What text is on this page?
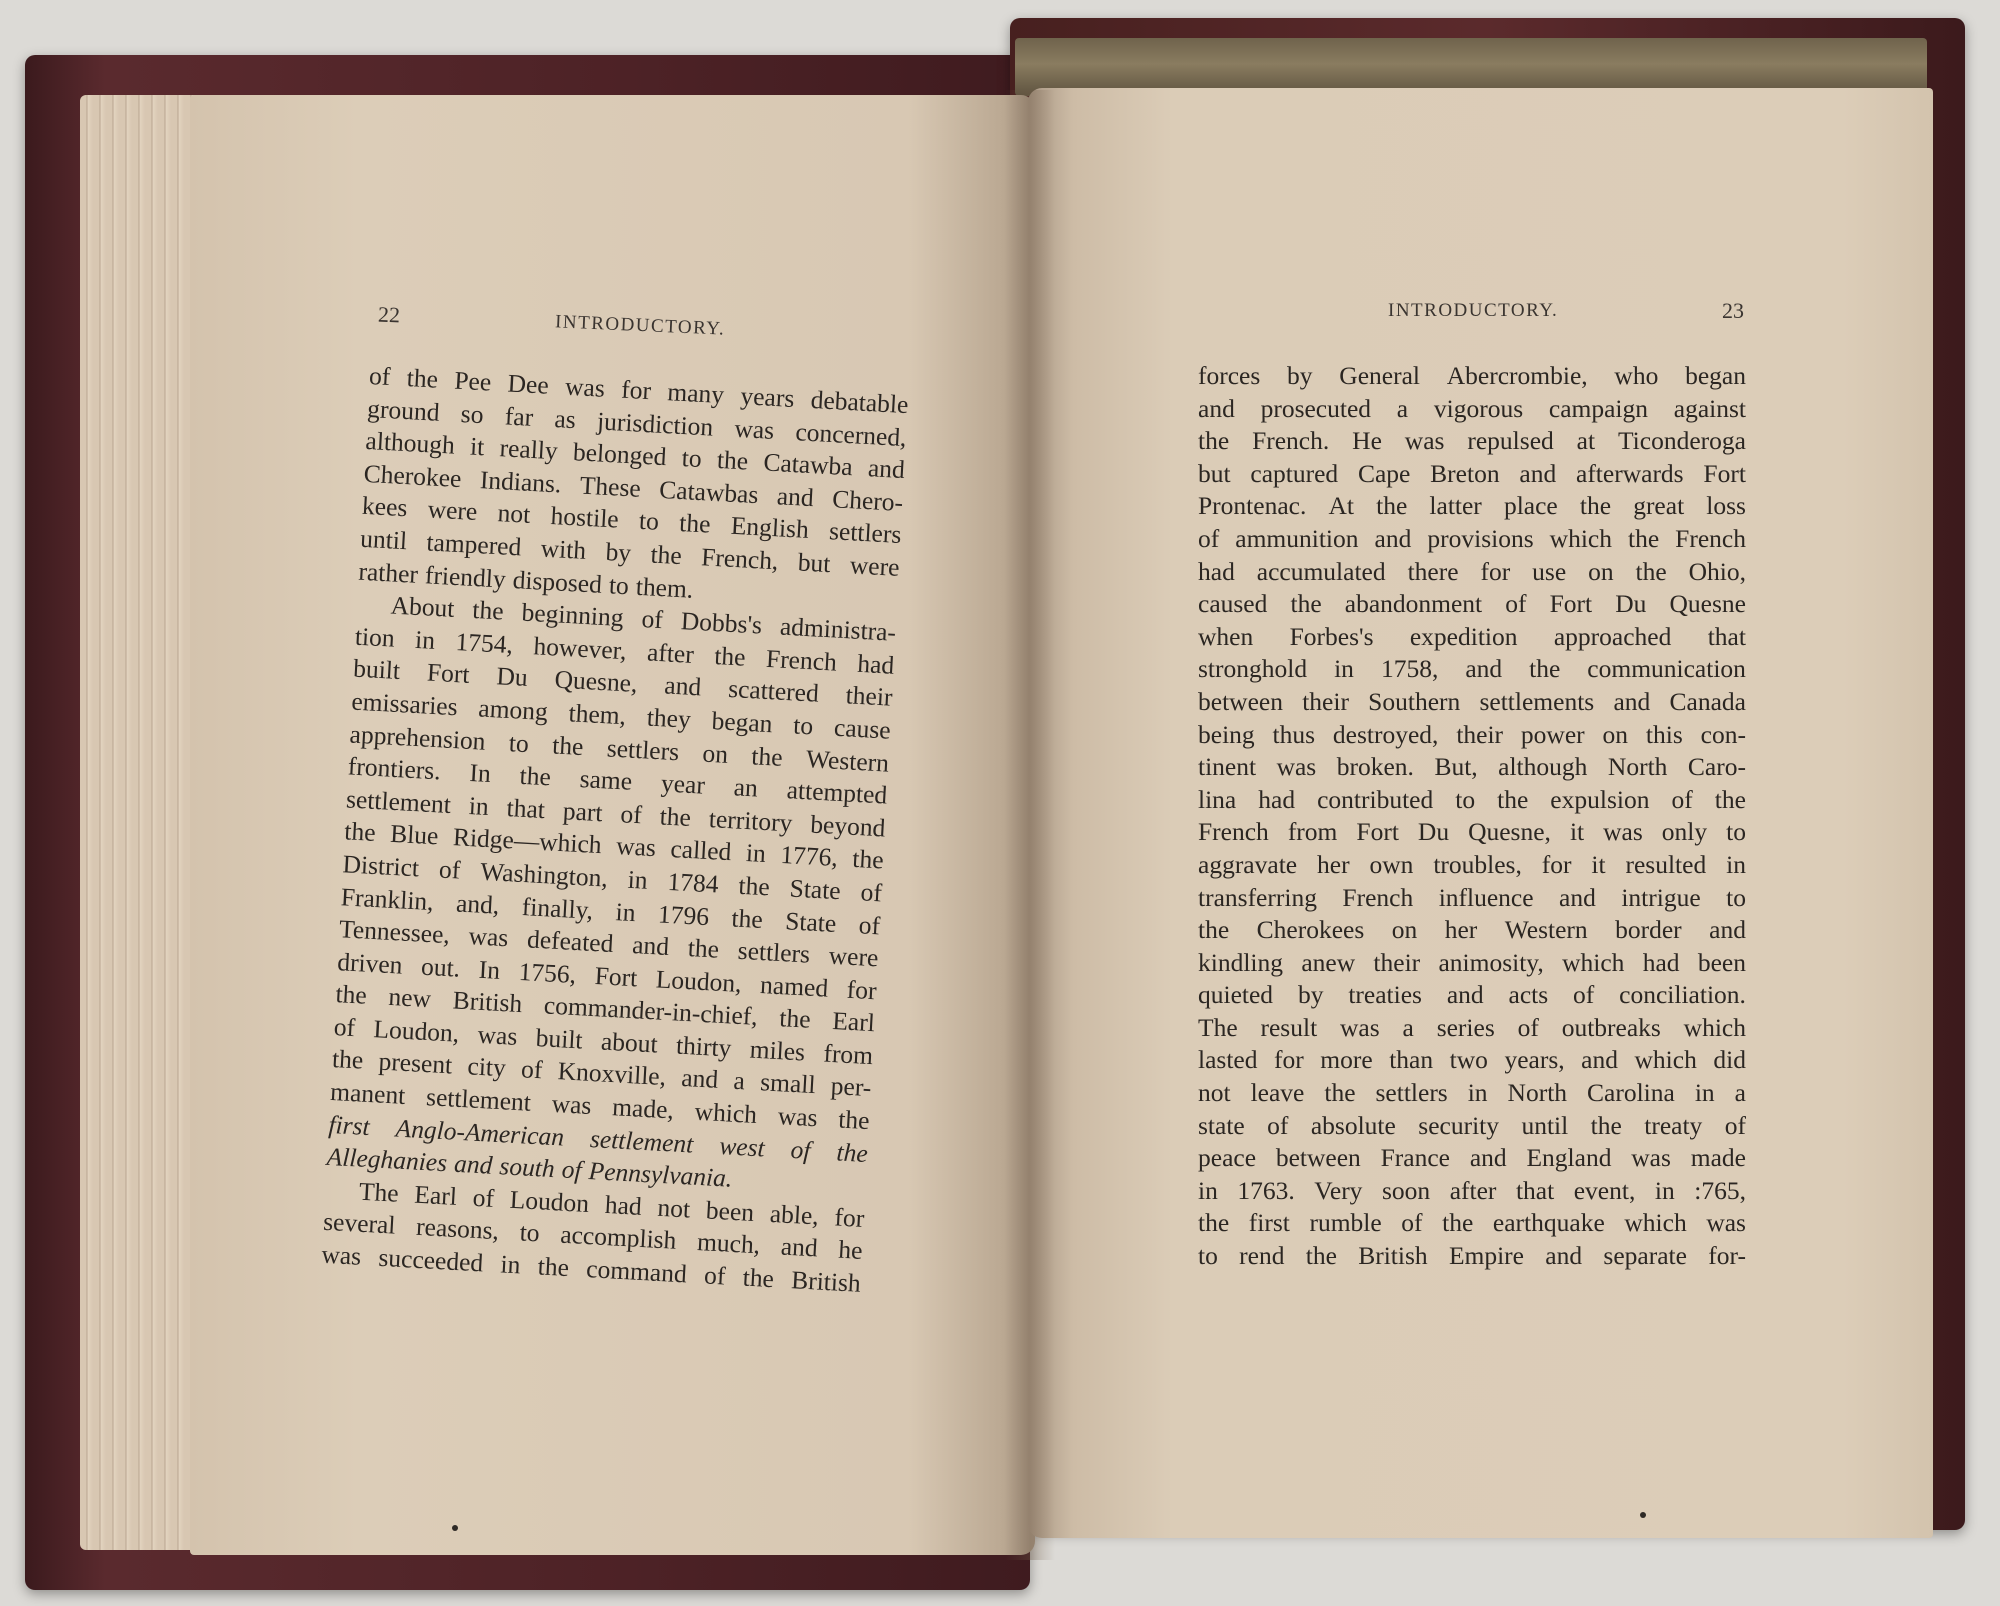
22	INTRODUCTORY.
INTRODUCTORY.	23
of the Pee Dee was for many years debatable
ground so far as jurisdiction was concerned,
although it really belonged to the Catawba and
Cherokee Indians. These Catawbas and Chero-
kees were not hostile to the English settlers
until tampered with by the French, but were
rather friendly disposed to them.
About the beginning of Dobbs's administra-
tion in 1754, however, after the French had
built Fort Du Quesne, and scattered their
emissaries among them, they began to cause
apprehension to the settlers on the Western
frontiers. In the same year an attempted
settlement in that part of the territory beyond
the Blue Ridge—which was called in 1776, the
District of Washington, in 1784 the State of
Franklin, and, finally, in 1796 the State of
Tennessee, was defeated and the settlers were
driven out. In 1756, Fort Loudon, named for
the new British commander-in-chief, the Earl
of Loudon, was built about thirty miles from
the present city of Knoxville, and a small per-
manent settlement was made, which was the
first Anglo-American settlement west of the
Alleghanies and south of Pennsylvania.
The Earl of Loudon had not been able, for
several reasons, to accomplish much, and he
was succeeded in the command of the British
forces by General Abercrombie, who began
and prosecuted a vigorous campaign against
the French. He was repulsed at Ticonderoga
but captured Cape Breton and afterwards Fort
Prontenac. At the latter place the great loss
of ammunition and provisions which the French
had accumulated there for use on the Ohio,
caused the abandonment of Fort Du Quesne
when Forbes's expedition approached that
stronghold in 1758, and the communication
between their Southern settlements and Canada
being thus destroyed, their power on this con-
tinent was broken. But, although North Caro-
lina had contributed to the expulsion of the
French from Fort Du Quesne, it was only to
aggravate her own troubles, for it resulted in
transferring French influence and intrigue to
the Cherokees on her Western border and
kindling anew their animosity, which had been
quieted by treaties and acts of conciliation.
The result was a series of outbreaks which
lasted for more than two years, and which did
not leave the settlers in North Carolina in a
state of absolute security until the treaty of
peace between France and England was made
in 1763. Very soon after that event, in :765,
the first rumble of the earthquake which was
to rend the British Empire and separate for-
